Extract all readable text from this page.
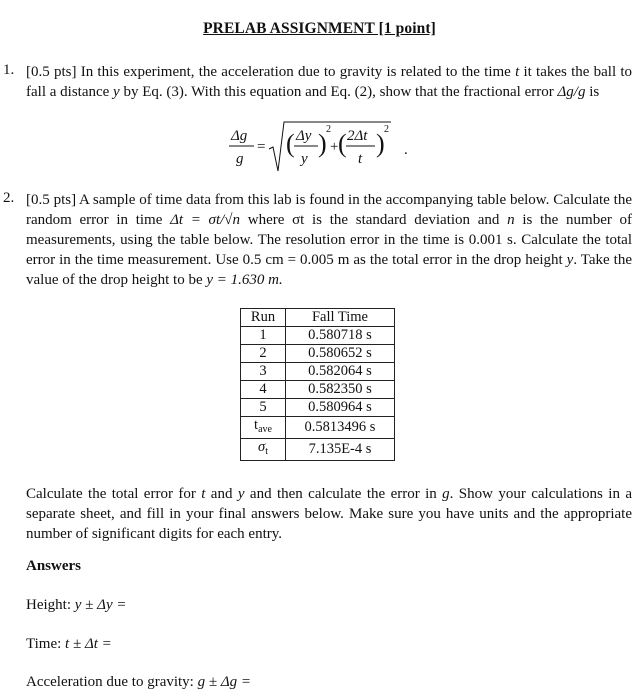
PRELAB ASSIGNMENT [1 point]
1. [0.5 pts] In this experiment, the acceleration due to gravity is related to the time t it takes the ball to fall a distance y by Eq. (3). With this equation and Eq. (2), show that the fractional error Δg/g is

Δg
g
= ( Δy
y
) 2
+ ( 2Δt
t
) 2
.
2. [0.5 pts] A sample of time data from this lab is found in the accompanying table below. Calculate the random error in time Δt = σt/√n where σt is the standard deviation and n is the number of measurements, using the table below. The resolution error in the time is 0.001 s. Calculate the total error in the time measurement. Use 0.5 cm = 0.005 m as the total error in the drop height y. Take the value of the drop height to be y = 1.630 m.

Run	Fall Time
1	0.580718 s
2	0.580652 s
3	0.582064 s
4	0.582350 s
5	0.580964 s
$t_{ave}$	0.5813496 s
$\sigma_t$	7.135E-4 s

Calculate the total error for t and y and then calculate the error in g. Show your calculations in a separate sheet, and fill in your final answers below. Make sure you have units and the appropriate number of significant digits for each entry.

Answers
Height: y ± Δy =
Time: t ± Δt =
Acceleration due to gravity: g ± Δg =
